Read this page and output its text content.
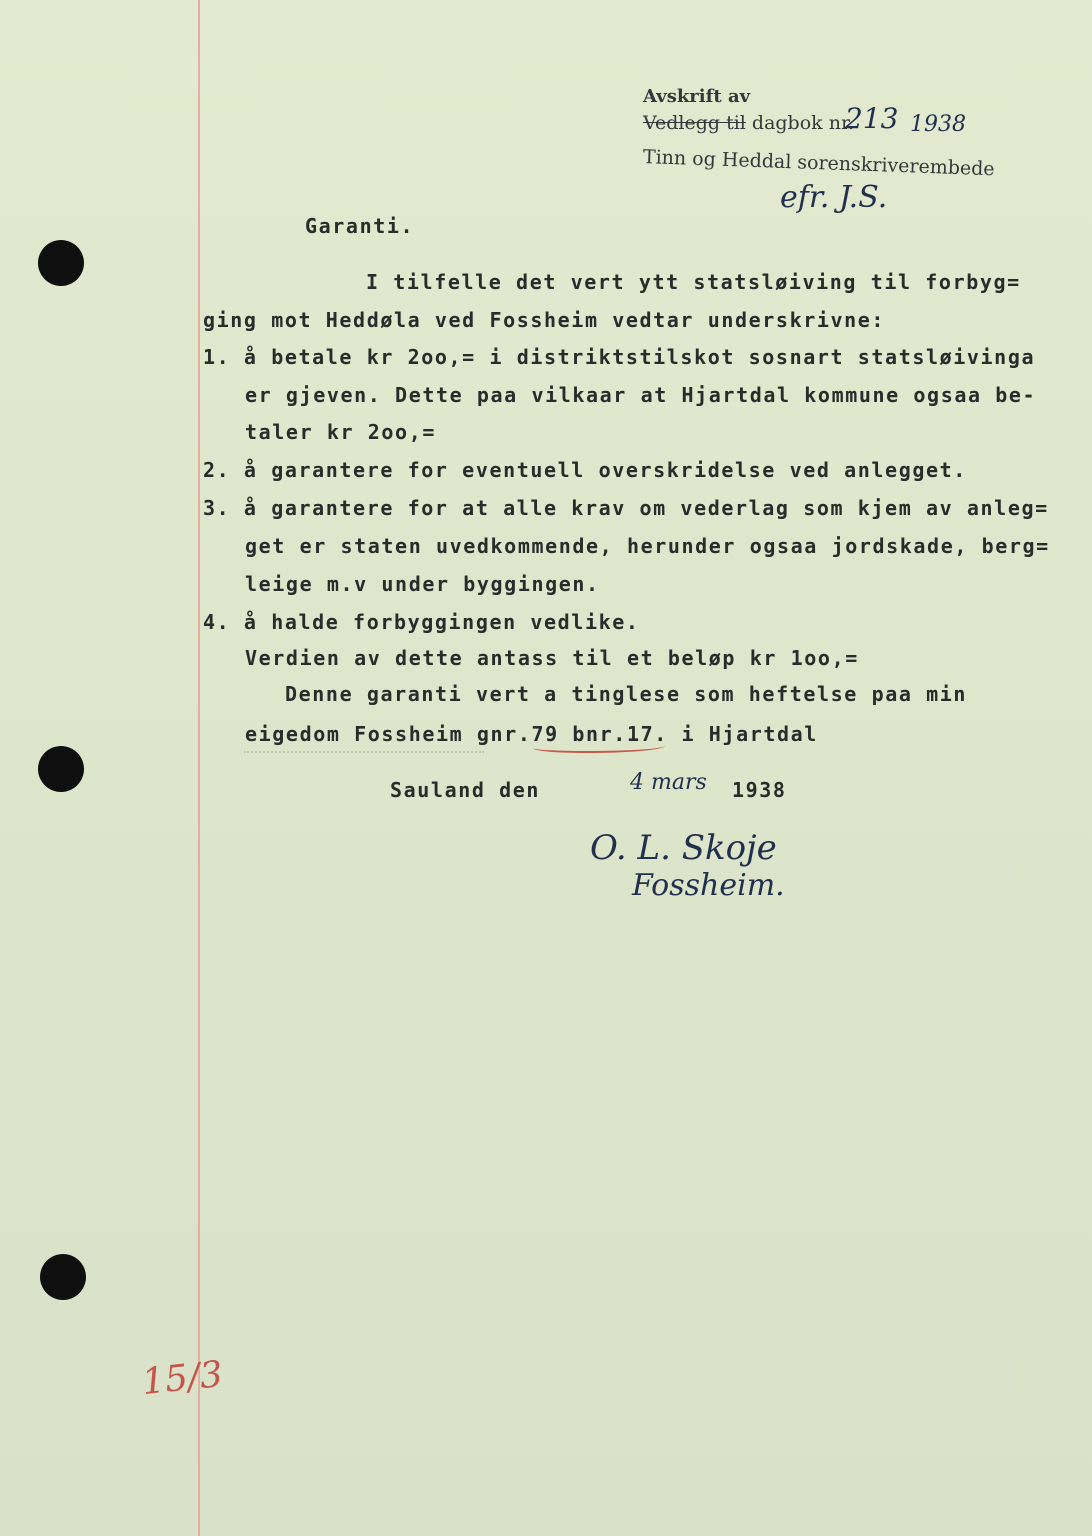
Avskrift av
Vedlegg til dagbok nr.
213 1938
Tinn og Heddal sorenskriverembede
efr. J.S.
Garanti.
I tilfelle det vert ytt statsløiving til forbyg=
ging mot Heddøla ved Fossheim vedtar underskrivne:
1. å betale kr 2oo,= i distriktstilskot sosnart statsløivinga
er gjeven. Dette paa vilkaar at Hjartdal kommune ogsaa be-
taler kr 2oo,=
2. å garantere for eventuell overskridelse ved anlegget.
3. å garantere for at alle krav om vederlag som kjem av anleg=
get er staten uvedkommende, herunder ogsaa jordskade, berg=
leige m.v under byggingen.
4. å halde forbyggingen vedlike.
Verdien av dette antass til et beløp kr 1oo,=
Denne garanti vert a tinglese som heftelse paa min
eigedom Fossheim gnr.79 bnr.17. i Hjartdal
Sauland den	4 mars 1938
O. L. Skoje
Fossheim.
15/3
